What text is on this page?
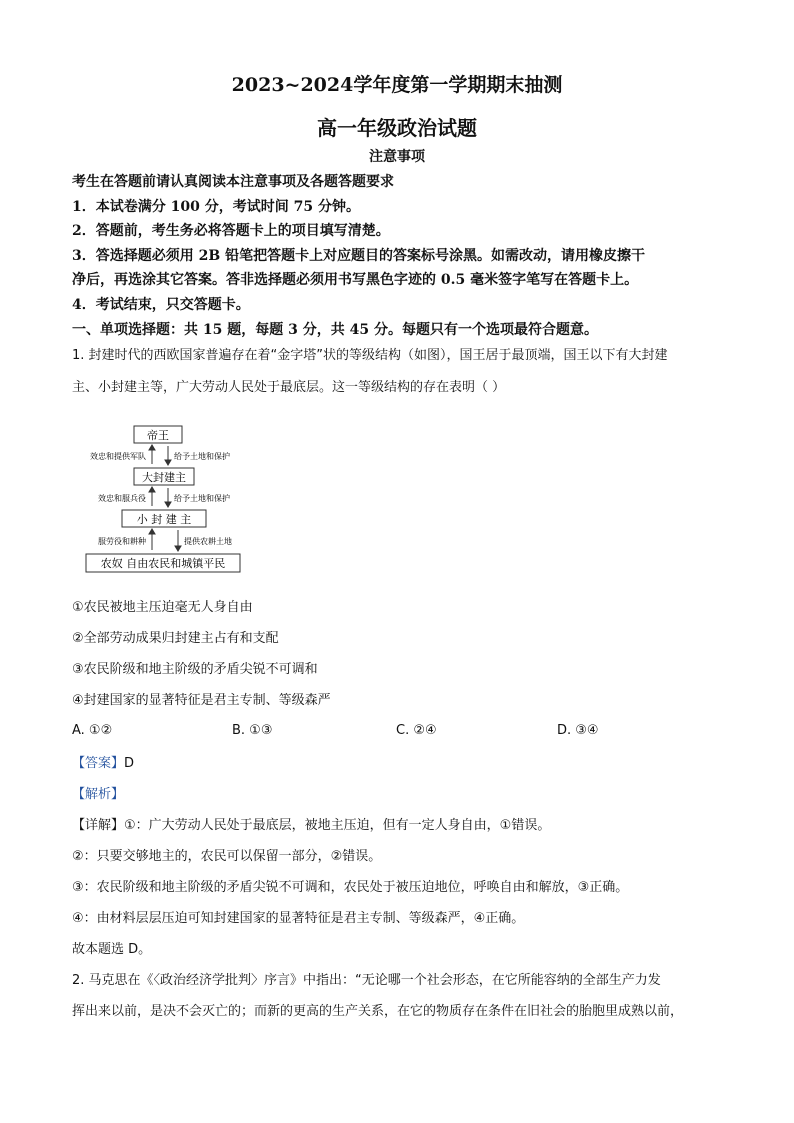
2023~2024学年度第一学期期末抽测
高一年级政治试题
注意事项
考生在答题前请认真阅读本注意事项及各题答题要求
1．本试卷满分 100 分，考试时间 75 分钟。
2．答题前，考生务必将答题卡上的项目填写清楚。
3．答选择题必须用 2B 铅笔把答题卡上对应题目的答案标号涂黑。如需改动，请用橡皮擦干
净后，再选涂其它答案。答非选择题必须用书写黑色字迹的 0.5 毫米签字笔写在答题卡上。
4．考试结束，只交答题卡。
一、单项选择题：共 15 题，每题 3 分，共 45 分。每题只有一个选项最符合题意。
1. 封建时代的西欧国家普遍存在着“金字塔”状的等级结构（如图），国王居于最顶端，国王以下有大封建
主、小封建主等，广大劳动人民处于最底层。这一等级结构的存在表明（ ）
帝王
效忠和提供军队	给予土地和保护
大封建主
效忠和服兵役	给予土地和保护
小 封 建 主
服劳役和耕种	提供农耕土地
农奴 自由农民和城镇平民
①农民被地主压迫毫无人身自由
②全部劳动成果归封建主占有和支配
③农民阶级和地主阶级的矛盾尖锐不可调和
④封建国家的显著特征是君主专制、等级森严
A. ①②	B. ①③	C. ②④	D. ③④
【答案】D
【解析】
【详解】①：广大劳动人民处于最底层，被地主压迫，但有一定人身自由，①错误。
②：只要交够地主的，农民可以保留一部分，②错误。
③：农民阶级和地主阶级的矛盾尖锐不可调和，农民处于被压迫地位，呼唤自由和解放，③正确。
④：由材料层层压迫可知封建国家的显著特征是君主专制、等级森严，④正确。
故本题选 D。
2. 马克思在《〈政治经济学批判〉序言》中指出：“无论哪一个社会形态，在它所能容纳的全部生产力发
挥出来以前，是决不会灭亡的；而新的更高的生产关系，在它的物质存在条件在旧社会的胎胞里成熟以前，
